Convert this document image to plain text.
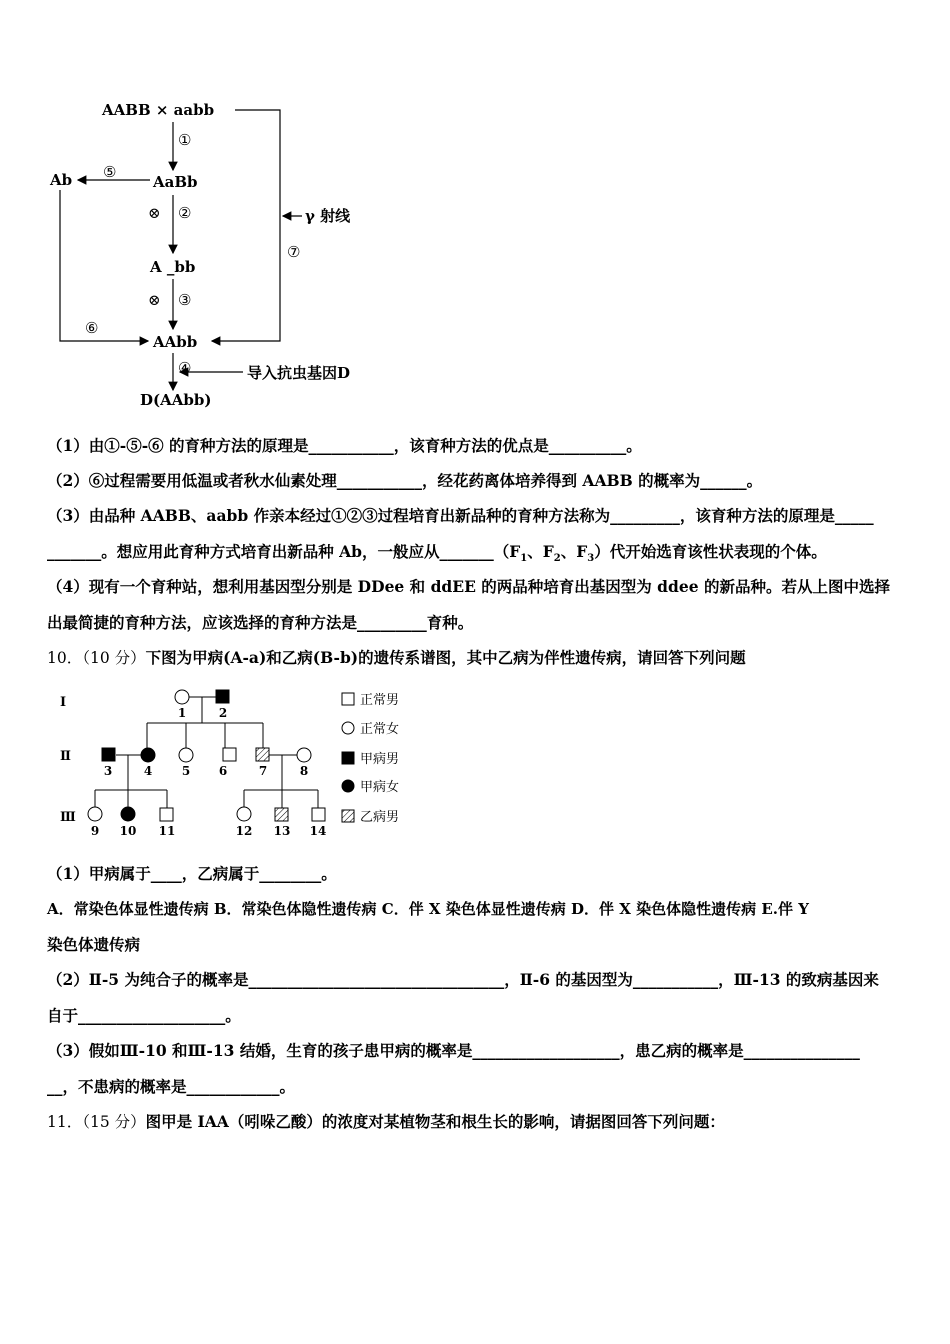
AABB × aabb
AaBb
Ab
A _bb
AAbb
D(AAbb)
γ 射线
导入抗虫基因D
①
②
③
④
⑤
⑥
⑦
⊗
⊗
（1）由①-⑤-⑥ 的育种方法的原理是___________，该育种方法的优点是__________。
（2）⑥过程需要用低温或者秋水仙素处理___________，经花药离体培养得到 AABB 的概率为______。
（3）由品种 AABB、aabb 作亲本经过①②③过程培育出新品种的育种方法称为_________，该育种方法的原理是_____
_______。想应用此育种方式培育出新品种 Ab，一般应从$\_\_\_\_\_\_\_(F_1$、$F_2$、$F_3$）代开始选育该性状表现的个体。
（4）现有一个育种站，想利用基因型分别是 DDee 和 ddEE 的两品种培育出基因型为 ddee 的新品种。若从上图中选择
出最简捷的育种方法，应该选择的育种方法是_________育种。
10．（10 分）下图为甲病(A-a)和乙病(B-b)的遗传系谱图，其中乙病为伴性遗传病，请回答下列问题
Ⅰ
Ⅱ
Ⅲ
1	2
3	4 5 6	7	8
9 10 11	12 13 14
正常男
正常女
甲病男
甲病女
乙病男
（1）甲病属于____，乙病属于________。
A．常染色体显性遗传病 B．常染色体隐性遗传病 C．伴 X 染色体显性遗传病 D．伴 X 染色体隐性遗传病 E.伴 Y
染色体遗传病
（2）Ⅱ-5 为纯合子的概率是_________________________________，Ⅱ-6 的基因型为___________，Ⅲ-13 的致病基因来
自于___________________。
（3）假如Ⅲ-10 和Ⅲ-13 结婚，生育的孩子患甲病的概率是___________________，患乙病的概率是_______________
__，不患病的概率是____________。
11．（15 分）图甲是 IAA（吲哚乙酸）的浓度对某植物茎和根生长的影响，请据图回答下列问题：
